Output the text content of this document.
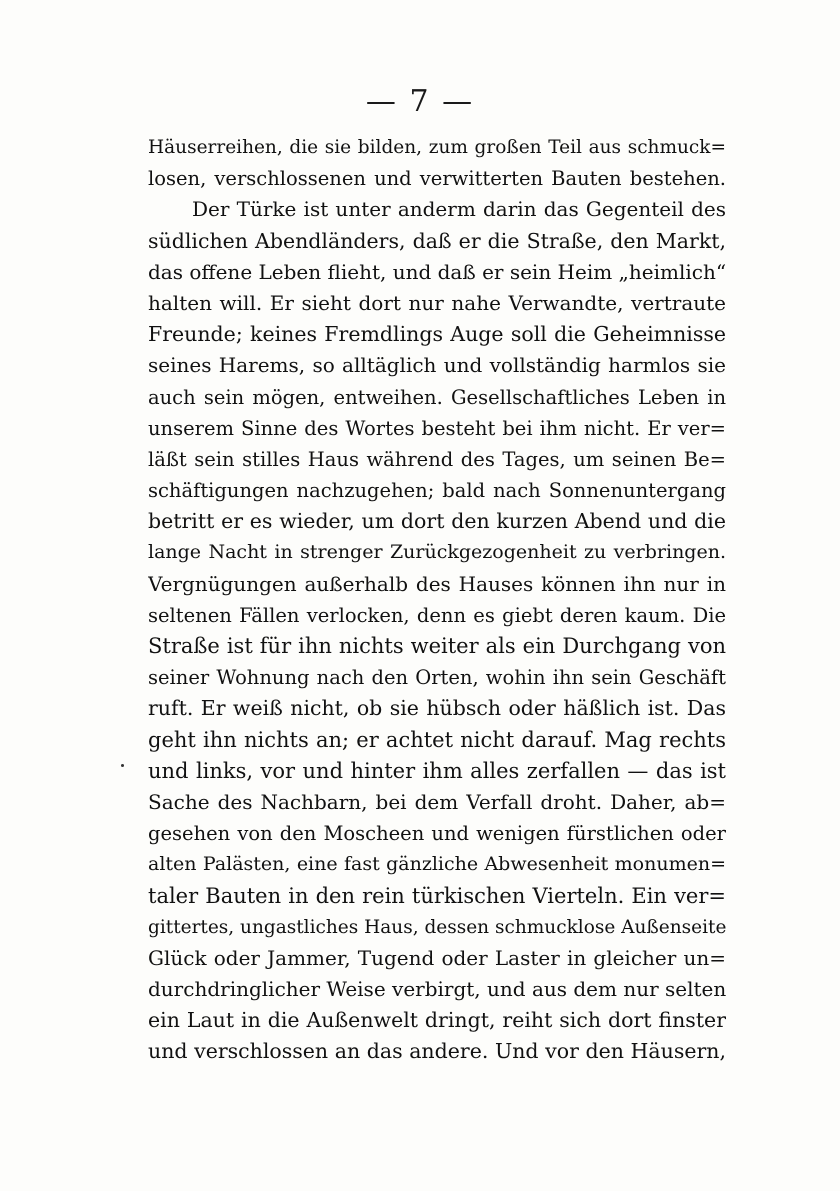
— 7 —
Häuserreihen, die sie bilden, zum großen Teil aus schmuck=
losen, verschlossenen und verwitterten Bauten bestehen.
Der Türke ist unter anderm darin das Gegenteil des
südlichen Abendländers, daß er die Straße, den Markt,
das offene Leben flieht, und daß er sein Heim „heimlich“
halten will. Er sieht dort nur nahe Verwandte, vertraute
Freunde; keines Fremdlings Auge soll die Geheimnisse
seines Harems, so alltäglich und vollständig harmlos sie
auch sein mögen, entweihen. Gesellschaftliches Leben in
unserem Sinne des Wortes besteht bei ihm nicht. Er ver=
läßt sein stilles Haus während des Tages, um seinen Be=
schäftigungen nachzugehen; bald nach Sonnenuntergang
betritt er es wieder, um dort den kurzen Abend und die
lange Nacht in strenger Zurückgezogenheit zu verbringen.
Vergnügungen außerhalb des Hauses können ihn nur in
seltenen Fällen verlocken, denn es giebt deren kaum. Die
Straße ist für ihn nichts weiter als ein Durchgang von
seiner Wohnung nach den Orten, wohin ihn sein Geschäft
ruft. Er weiß nicht, ob sie hübsch oder häßlich ist. Das
geht ihn nichts an; er achtet nicht darauf. Mag rechts
und links, vor und hinter ihm alles zerfallen — das ist
Sache des Nachbarn, bei dem Verfall droht. Daher, ab=
gesehen von den Moscheen und wenigen fürstlichen oder
alten Palästen, eine fast gänzliche Abwesenheit monumen=
taler Bauten in den rein türkischen Vierteln. Ein ver=
gittertes, ungastliches Haus, dessen schmucklose Außenseite
Glück oder Jammer, Tugend oder Laster in gleicher un=
durchdringlicher Weise verbirgt, und aus dem nur selten
ein Laut in die Außenwelt dringt, reiht sich dort finster
und verschlossen an das andere. Und vor den Häusern,
